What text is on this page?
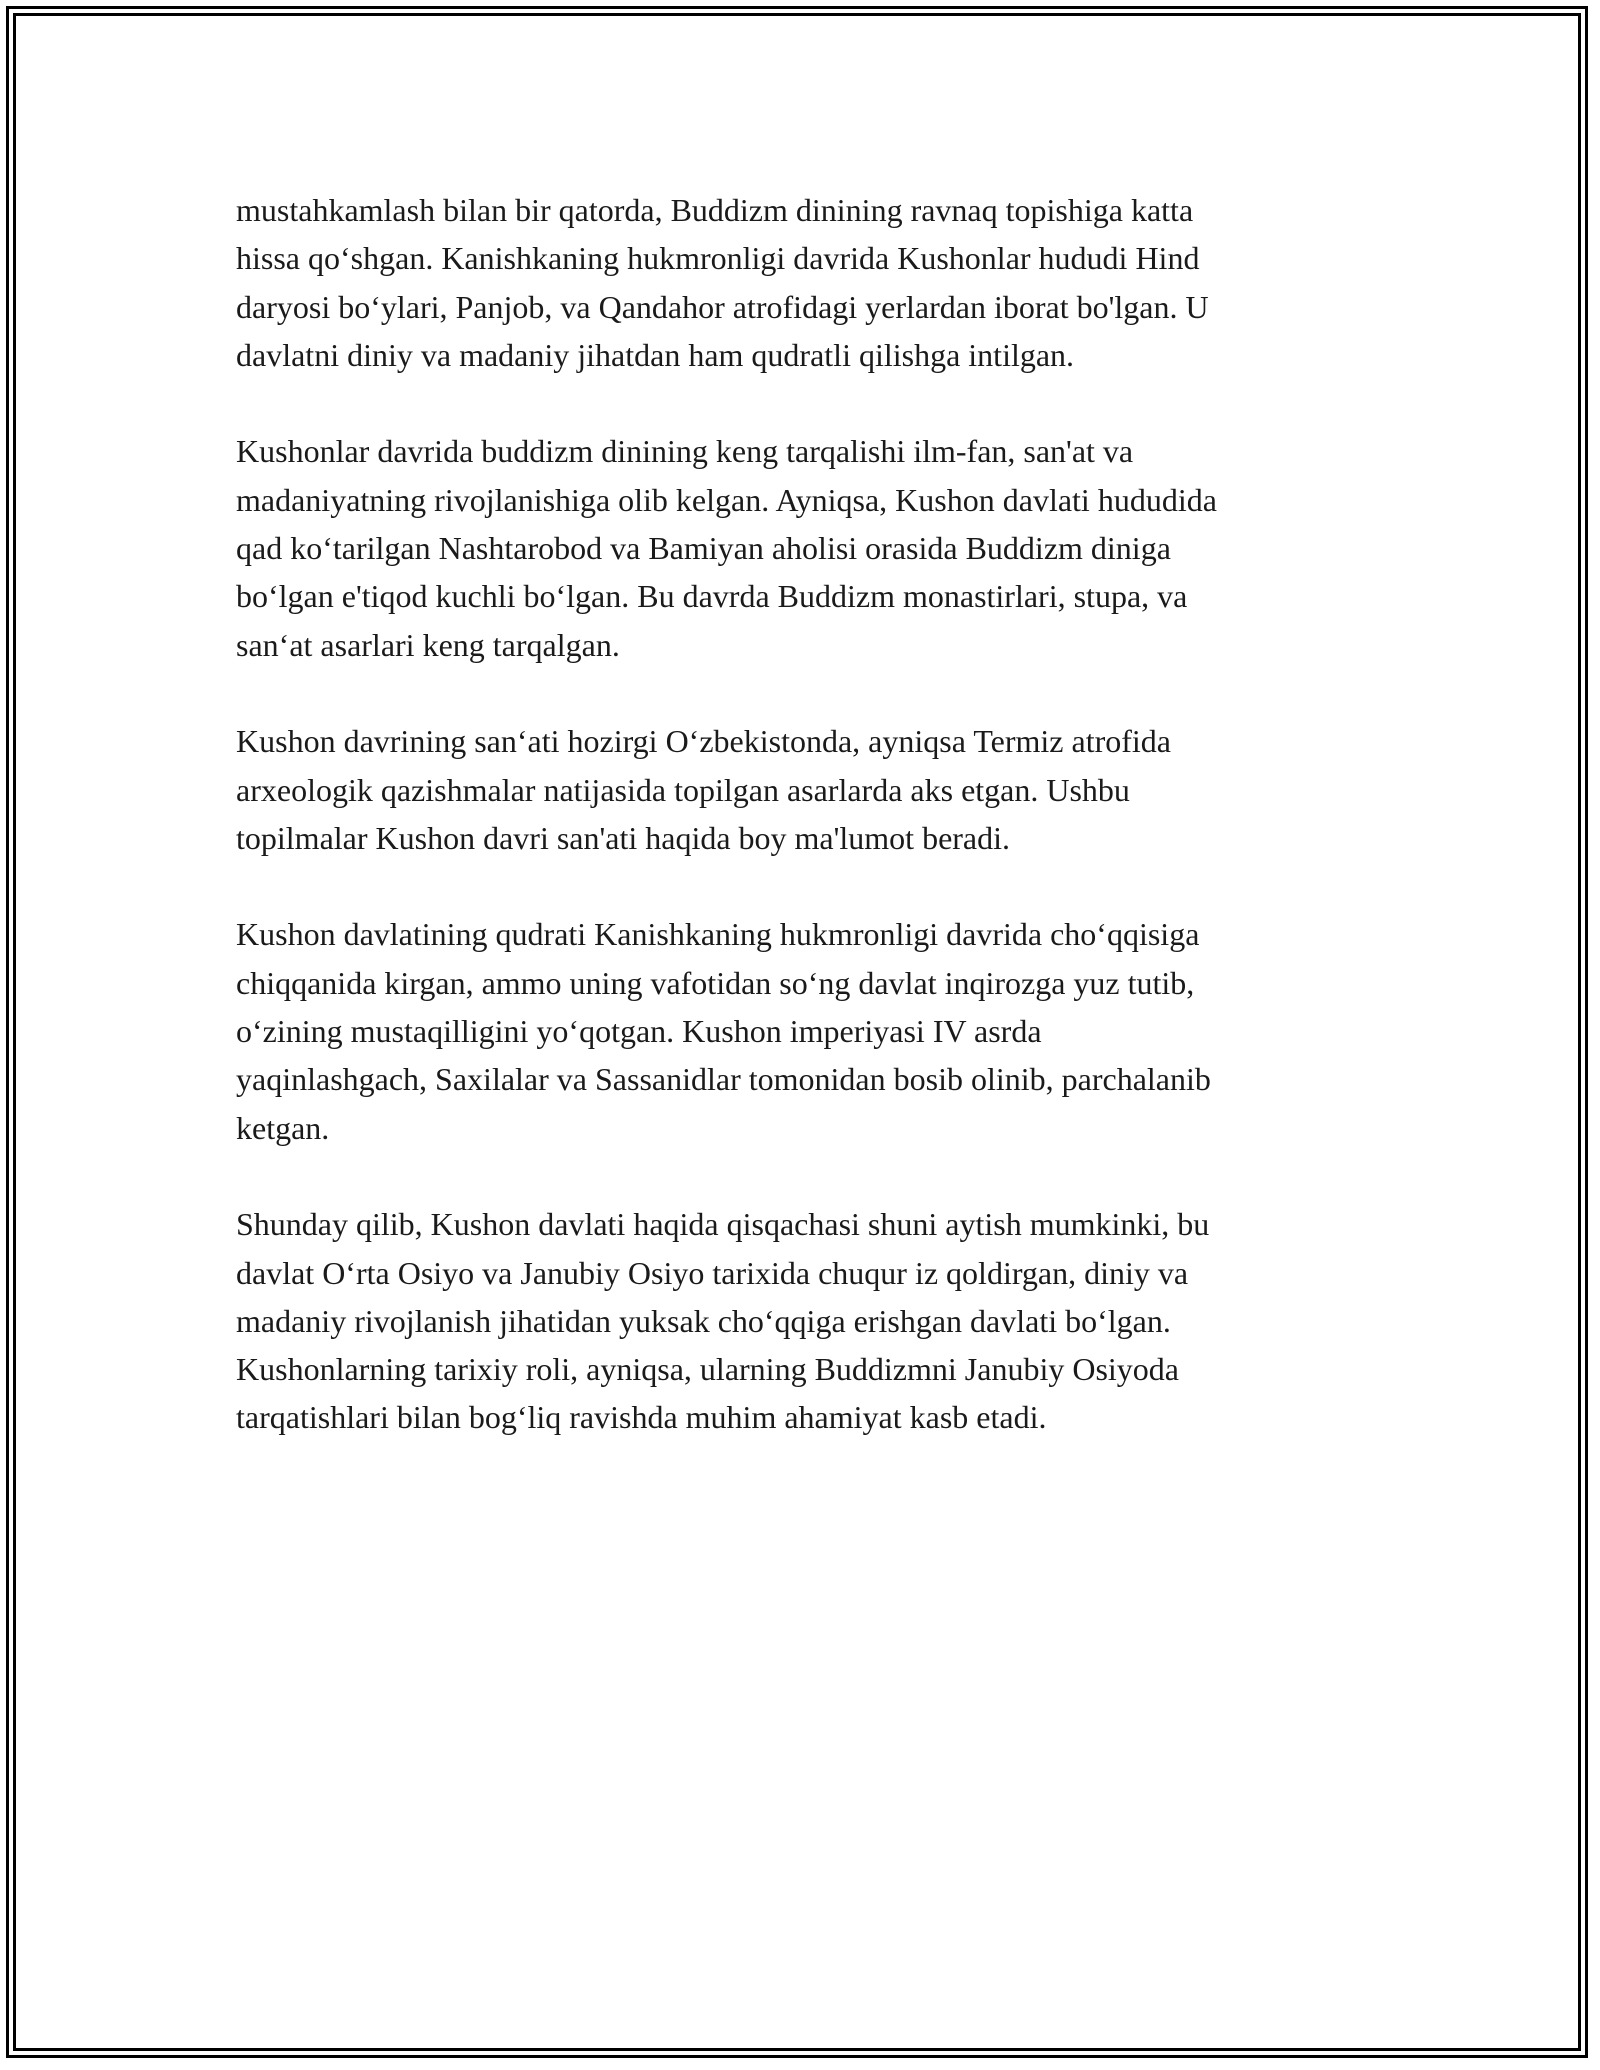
mustahkamlash bilan bir qatorda, Buddizm dinining ravnaq topishiga katta
hissa qo‘shgan. Kanishkaning hukmronligi davrida Kushonlar hududi Hind
daryosi bo‘ylari, Panjob, va Qandahor atrofidagi yerlardan iborat bo'lgan. U
davlatni diniy va madaniy jihatdan ham qudratli qilishga intilgan.

Kushonlar davrida buddizm dinining keng tarqalishi ilm-fan, san'at va
madaniyatning rivojlanishiga olib kelgan. Ayniqsa, Kushon davlati hududida
qad ko‘tarilgan Nashtarobod va Bamiyan aholisi orasida Buddizm diniga
bo‘lgan e'tiqod kuchli bo‘lgan. Bu davrda Buddizm monastirlari, stupa, va
san‘at asarlari keng tarqalgan.

Kushon davrining san‘ati hozirgi O‘zbekistonda, ayniqsa Termiz atrofida
arxeologik qazishmalar natijasida topilgan asarlarda aks etgan. Ushbu
topilmalar Kushon davri san'ati haqida boy ma'lumot beradi.

Kushon davlatining qudrati Kanishkaning hukmronligi davrida cho‘qqisiga
chiqqanida kirgan, ammo uning vafotidan so‘ng davlat inqirozga yuz tutib,
o‘zining mustaqilligini yo‘qotgan. Kushon imperiyasi IV asrda
yaqinlashgach, Saxilalar va Sassanidlar tomonidan bosib olinib, parchalanib
ketgan.

Shunday qilib, Kushon davlati haqida qisqachasi shuni aytish mumkinki, bu
davlat O‘rta Osiyo va Janubiy Osiyo tarixida chuqur iz qoldirgan, diniy va
madaniy rivojlanish jihatidan yuksak cho‘qqiga erishgan davlati bo‘lgan.
Kushonlarning tarixiy roli, ayniqsa, ularning Buddizmni Janubiy Osiyoda
tarqatishlari bilan bog‘liq ravishda muhim ahamiyat kasb etadi.
